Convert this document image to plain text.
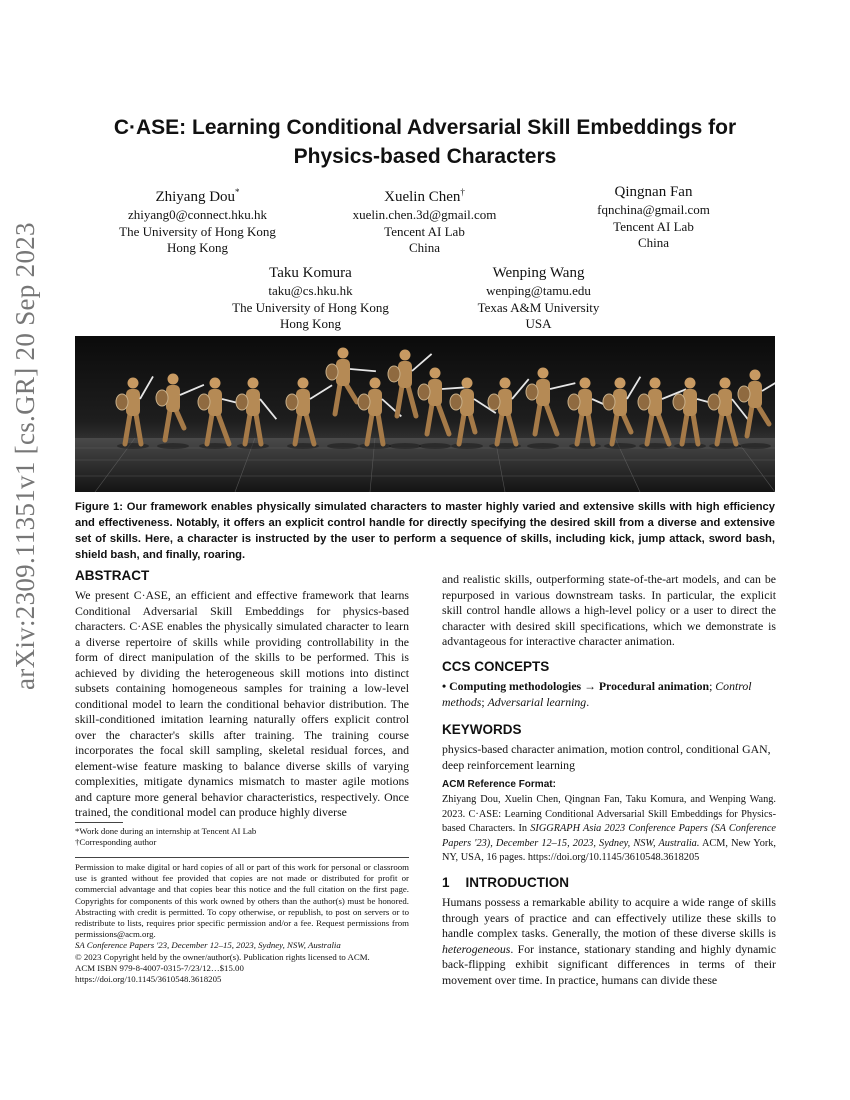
arXiv:2309.11351v1 [cs.GR] 20 Sep 2023
C·ASE: Learning Conditional Adversarial Skill Embeddings for Physics-based Characters
Zhiyang Dou*
zhiyang0@connect.hku.hk
The University of Hong Kong
Hong Kong
Xuelin Chen†
xuelin.chen.3d@gmail.com
Tencent AI Lab
China
Qingnan Fan
fqnchina@gmail.com
Tencent AI Lab
China
Taku Komura
taku@cs.hku.hk
The University of Hong Kong
Hong Kong
Wenping Wang
wenping@tamu.edu
Texas A&M University
USA
Figure 1: Our framework enables physically simulated characters to master highly varied and extensive skills with high efficiency and effectiveness. Notably, it offers an explicit control handle for directly specifying the desired skill from a diverse and extensive set of skills. Here, a character is instructed by the user to perform a sequence of skills, including kick, jump attack, sword bash, shield bash, and finally, roaring.
ABSTRACT
We present C·ASE, an efficient and effective framework that learns Conditional Adversarial Skill Embeddings for physics-based characters. C·ASE enables the physically simulated character to learn a diverse repertoire of skills while providing controllability in the form of direct manipulation of the skills to be performed. This is achieved by dividing the heterogeneous skill motions into distinct subsets containing homogeneous samples for training a low-level conditional model to learn the conditional behavior distribution. The skill-conditioned imitation learning naturally offers explicit control over the character's skills after training. The training course incorporates the focal skill sampling, skeletal residual forces, and element-wise feature masking to balance diverse skills of varying complexities, mitigate dynamics mismatch to master agile motions and capture more general behavior characteristics, respectively. Once trained, the conditional model can produce highly diverse
*Work done during an internship at Tencent AI Lab
†Corresponding author
Permission to make digital or hard copies of all or part of this work for personal or classroom use is granted without fee provided that copies are not made or distributed for profit or commercial advantage and that copies bear this notice and the full citation on the first page. Copyrights for components of this work owned by others than the author(s) must be honored. Abstracting with credit is permitted. To copy otherwise, or republish, to post on servers or to redistribute to lists, requires prior specific permission and/or a fee. Request permissions from permissions@acm.org.
SA Conference Papers '23, December 12–15, 2023, Sydney, NSW, Australia
© 2023 Copyright held by the owner/author(s). Publication rights licensed to ACM.
ACM ISBN 979-8-4007-0315-7/23/12…$15.00
https://doi.org/10.1145/3610548.3618205
and realistic skills, outperforming state-of-the-art models, and can be repurposed in various downstream tasks. In particular, the explicit skill control handle allows a high-level policy or a user to direct the character with desired skill specifications, which we demonstrate is advantageous for interactive character animation.
CCS CONCEPTS
• Computing methodologies → Procedural animation; Control methods; Adversarial learning.
KEYWORDS
physics-based character animation, motion control, conditional GAN, deep reinforcement learning
ACM Reference Format:
Zhiyang Dou, Xuelin Chen, Qingnan Fan, Taku Komura, and Wenping Wang. 2023. C·ASE: Learning Conditional Adversarial Skill Embeddings for Physics-based Characters. In SIGGRAPH Asia 2023 Conference Papers (SA Conference Papers '23), December 12–15, 2023, Sydney, NSW, Australia. ACM, New York, NY, USA, 16 pages. https://doi.org/10.1145/3610548.3618205
1 INTRODUCTION
Humans possess a remarkable ability to acquire a wide range of skills through years of practice and can effectively utilize these skills to handle complex tasks. Generally, the motion of these diverse skills is heterogeneous. For instance, stationary standing and highly dynamic back-flipping exhibit significant differences in terms of their movement over time. In practice, humans can divide these
